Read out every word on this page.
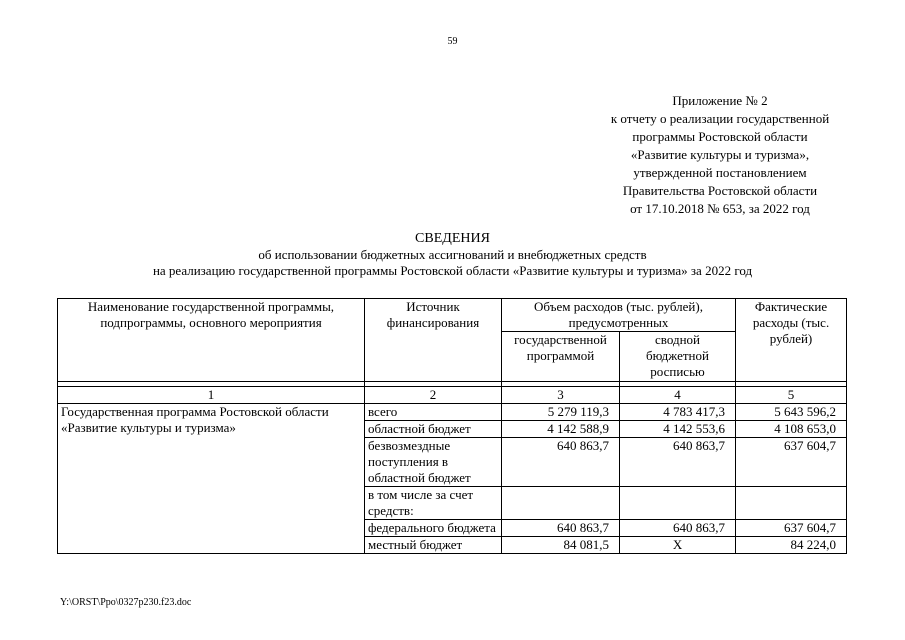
59
Приложение № 2
к отчету о реализации государственной
программы Ростовской области
«Развитие культуры и туризма»,
утвержденной постановлением
Правительства Ростовской области
от 17.10.2018 № 653, за 2022 год
СВЕДЕНИЯ
об использовании бюджетных ассигнований и внебюджетных средств
на реализацию государственной программы Ростовской области «Развитие культуры и туризма» за 2022 год
Наименование государственной программы, подпрограммы, основного мероприятия	Источник финансирования	Объем расходов (тыс. рублей), предусмотренных		Фактические расходы (тыс. рублей)
		государственной программой	сводной бюджетной росписью	

1	2	3	4	5
Государственная программа Ростовской области «Развитие культуры и туризма»	всего	5 279 119,3	4 783 417,3	5 643 596,2
	областной бюджет	4 142 588,9	4 142 553,6	4 108 653,0
	безвозмездные поступления в областной бюджет	640 863,7	640 863,7	637 604,7
	в том числе за счет средств:			
	федерального бюджета	640 863,7	640 863,7	637 604,7
	местный бюджет	84 081,5	Х	84 224,0
Y:\ORST\Ppo\0327p230.f23.doc
